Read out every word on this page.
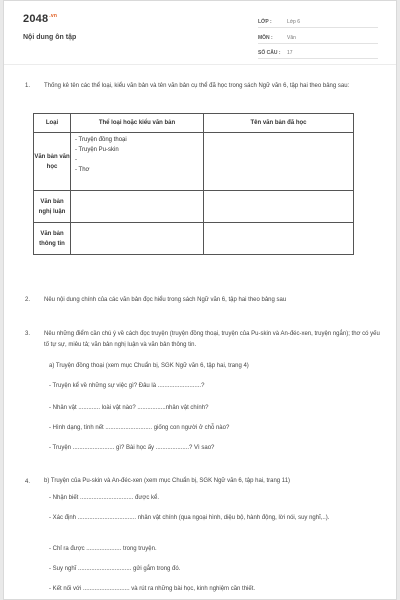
$2048^{.vn}$
Nội dung ôn tập
LỚP :	Lớp 6
MÔN :	Văn
SỐ CÂU : 17
1. Thống kê tên các thể loại, kiểu văn bản và tên văn bản cụ thể đã học trong sách Ngữ văn 6, tập hai theo bảng sau:
Loại	Thể loại hoặc kiểu văn bản	Tên văn bản đã học
Văn bản văn học	- Truyện đồng thoại
- Truyện Pu-skin
-
- Thơ	

Văn bản nghị luận		
Văn bản thông tin		
2. Nêu nội dung chính của các văn bản đọc hiểu trong sách Ngữ văn 6, tập hai theo bảng sau
3. Nêu những điểm cần chú ý về cách đọc truyện (truyện đồng thoại, truyện của Pu-skin và An-đéc-xen, truyện ngắn); thơ có yếu tố tự sự, miêu tả; văn bản nghị luận và văn bản thông tin.
a) Truyện đồng thoại (xem mục Chuẩn bị, SGK Ngữ văn 6, tập hai, trang 4)
- Truyện kể về những sự việc gì? Đâu là ..........................?
- Nhân vật ............. loài vật nào? .................nhân vật chính?
- Hình dạng, tính nết ............................ giống con người ở chỗ nào?
- Truyện ......................... gì? Bài học ấy ....................? Vì sao?
4. b) Truyện của Pu-skin và An-đéc-xen (xem mục Chuẩn bị, SGK Ngữ văn 6, tập hai, trang 11)
- Nhận biết ................................ được kể.
- Xác định ................................... nhân vật chính (qua ngoại hình, diệu bộ, hành động, lời nói, suy nghĩ,..).
- Chỉ ra được ..................... trong truyện.
- Suy nghĩ ................................ gửi gắm trong đó.
- Kết nối với ............................ và rút ra những bài học, kinh nghiệm cần thiết.
